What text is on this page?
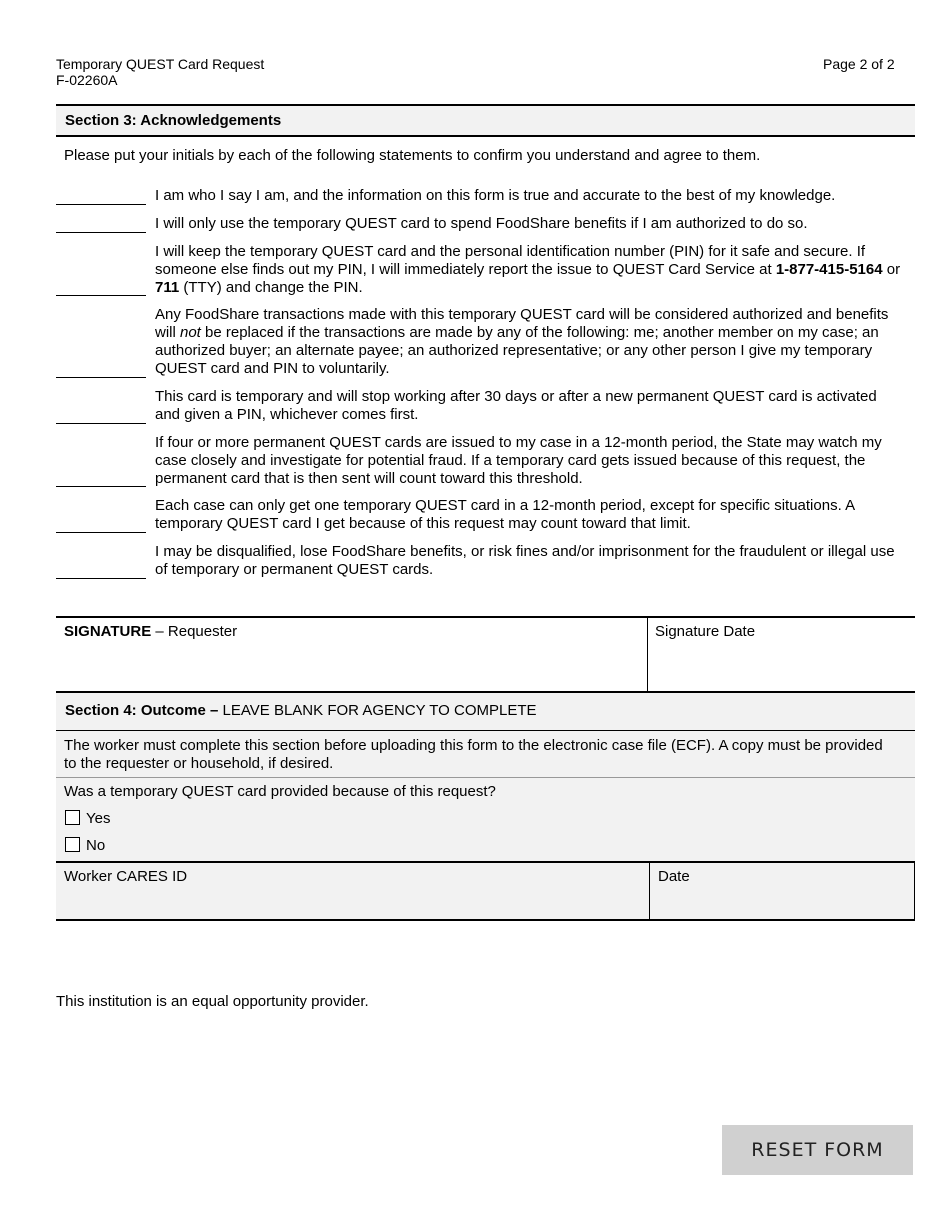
Temporary QUEST Card Request
F-02260A
Page 2 of 2
Section 3: Acknowledgements
Please put your initials by each of the following statements to confirm you understand and agree to them.
I am who I say I am, and the information on this form is true and accurate to the best of my knowledge.
I will only use the temporary QUEST card to spend FoodShare benefits if I am authorized to do so.
I will keep the temporary QUEST card and the personal identification number (PIN) for it safe and secure. If someone else finds out my PIN, I will immediately report the issue to QUEST Card Service at 1-877-415-5164 or 711 (TTY) and change the PIN.
Any FoodShare transactions made with this temporary QUEST card will be considered authorized and benefits will not be replaced if the transactions are made by any of the following: me; another member on my case; an authorized buyer; an alternate payee; an authorized representative; or any other person I give my temporary QUEST card and PIN to voluntarily.
This card is temporary and will stop working after 30 days or after a new permanent QUEST card is activated and given a PIN, whichever comes first.
If four or more permanent QUEST cards are issued to my case in a 12-month period, the State may watch my case closely and investigate for potential fraud. If a temporary card gets issued because of this request, the permanent card that is then sent will count toward this threshold.
Each case can only get one temporary QUEST card in a 12-month period, except for specific situations. A temporary QUEST card I get because of this request may count toward that limit.
I may be disqualified, lose FoodShare benefits, or risk fines and/or imprisonment for the fraudulent or illegal use of temporary or permanent QUEST cards.
SIGNATURE – Requester	Signature Date
Section 4: Outcome – LEAVE BLANK FOR AGENCY TO COMPLETE
The worker must complete this section before uploading this form to the electronic case file (ECF). A copy must be provided to the requester or household, if desired.
Was a temporary QUEST card provided because of this request?
Yes
No
Worker CARES ID	Date
This institution is an equal opportunity provider.
RESET FORM
